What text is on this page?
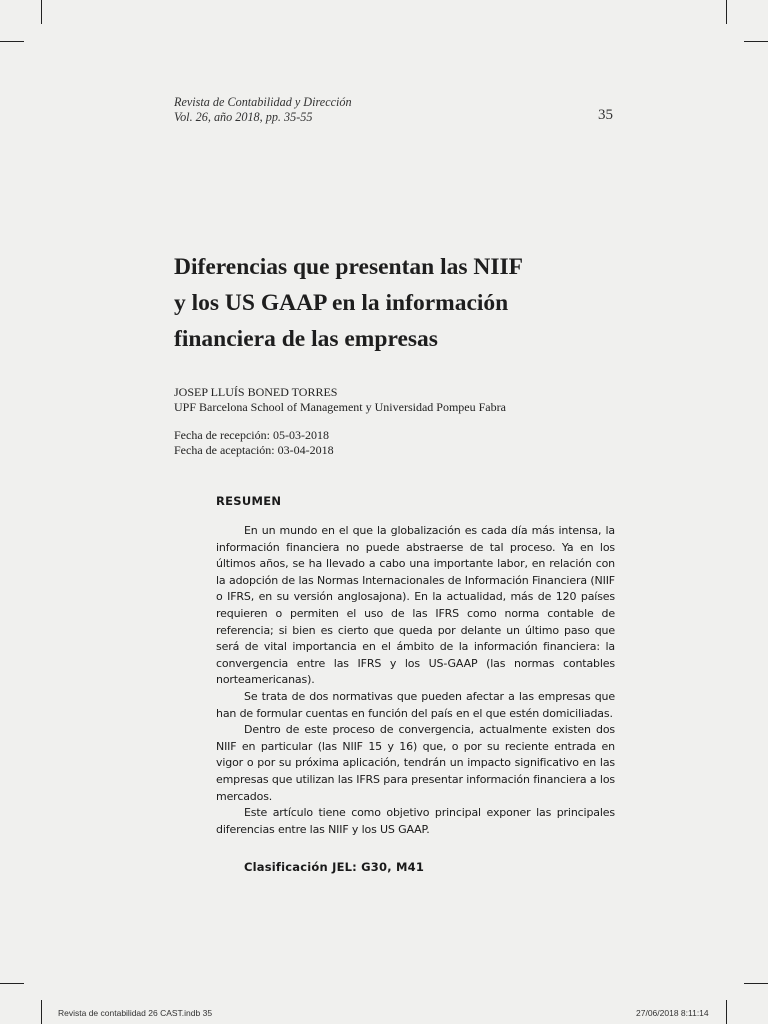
Revista de Contabilidad y Dirección
Vol. 26, año 2018, pp. 35-55	35
Diferencias que presentan las NIIF
y los US GAAP en la información
financiera de las empresas
JOSEP LLUÍS BONED TORRES
UPF Barcelona School of Management y Universidad Pompeu Fabra
Fecha de recepción: 05-03-2018
Fecha de aceptación: 03-04-2018
RESUMEN

En un mundo en el que la globalización es cada día más intensa, la información financiera no puede abstraerse de tal proceso. Ya en los últimos años, se ha llevado a cabo una importante labor, en relación con la adopción de las Normas Internacionales de Información Financiera (NIIF o IFRS, en su versión anglosajona). En la actualidad, más de 120 países requieren o permiten el uso de las IFRS como norma contable de referencia; si bien es cierto que queda por delante un último paso que será de vital importancia en el ámbito de la información financiera: la convergencia entre las IFRS y los US-GAAP (las normas contables norteamericanas).

Se trata de dos normativas que pueden afectar a las empresas que han de formular cuentas en función del país en el que estén domiciliadas.

Dentro de este proceso de convergencia, actualmente existen dos NIIF en particular (las NIIF 15 y 16) que, o por su reciente entrada en vigor o por su próxima aplicación, tendrán un impacto significativo en las empresas que utilizan las IFRS para presentar información financiera a los mercados.

Este artículo tiene como objetivo principal exponer las principales diferencias entre las NIIF y los US GAAP.

Clasificación JEL: G30, M41
Revista de contabilidad 26 CAST.indb 35	27/06/2018 8:11:14
